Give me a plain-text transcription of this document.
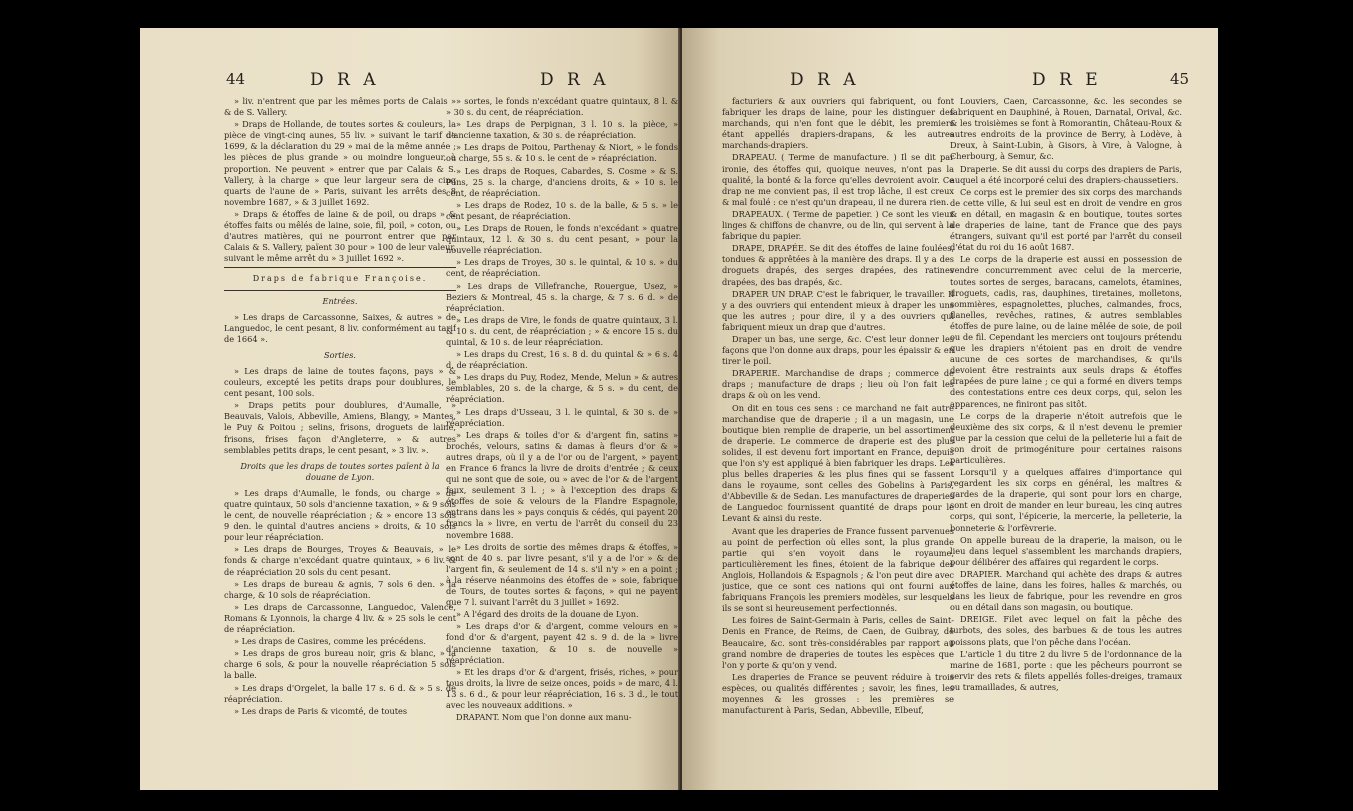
44	D R A	D R A

» liv. n'entrent que par les mêmes ports de Calais » & de S. Vallery.

» Draps de Hollande, de toutes sortes & couleurs, la pièce de vingt-cinq aunes, 55 liv. » suivant le tarif de 1699, & la déclaration du 29 » mai de la même année ; les pièces de plus grande » ou moindre longueur, à proportion. Ne peuvent » entrer que par Calais & S. Vallery, à la charge » que leur largeur sera de cinq quarts de l'aune de » Paris, suivant les arrêts des 8 novembre 1687, » & 3 juillet 1692.

» Draps & étoffes de laine & de poil, ou draps » & étoffes faits ou mêlés de laine, soie, fil, poil, » coton, ou d'autres matières, qui ne pourront entrer que par Calais & S. Vallery, païent 30 pour » 100 de leur valeur, suivant le même arrêt du » 3 juillet 1692 ».

Draps de fabrique Françoise.

Entrées.

» Les draps de Carcassonne, Saixes, & autres » de Languedoc, le cent pesant, 8 liv. conformément au tarif de 1664 ».

Sorties.

» Les draps de laine de toutes façons, pays » & couleurs, excepté les petits draps pour doublures, le cent pesant, 100 sols.

» Draps petits pour doublures, d'Aumalle, » Beauvais, Valois, Abbeville, Amiens, Blangy, » Mantes, le Puy & Poitou ; selins, frisons, droguets de laine, frisons, frises façon d'Angleterre, » & autres semblables petits draps, le cent pesant, » 3 liv. ».

Droits que les draps de toutes sortes païent à la douane de Lyon.

» Les draps d'Aumalle, le fonds, ou charge » de quatre quintaux, 50 sols d'ancienne taxation, » & 9 sols le cent, de nouvelle réapréciation ; & » encore 13 sols 9 den. le quintal d'autres anciens » droits, & 10 sols pour leur réapréciation.

» Les draps de Bourges, Troyes & Beauvais, » le fonds & charge n'excédant quatre quintaux, » 6 liv. & de réapréciation 20 sols du cent pesant.

» Les draps de bureau & agnis, 7 sols 6 den. » la charge, & 10 sols de réapréciation.

» Les draps de Carcassonne, Languedoc, Valence, Romans & Lyonnois, la charge 4 liv. & » 25 sols le cent de réapréciation.

» Les draps de Casires, comme les précédens.

» Les draps de gros bureau noir, gris & blanc, » la charge 6 sols, & pour la nouvelle réapréciation 5 sols la balle.

» Les draps d'Orgelet, la balle 17 s. 6 d. & » 5 s. de réapréciation.

» Les draps de Paris & vicomté, de toutes

» sortes, le fonds n'excédant quatre quintaux, 8 l. & » 30 s. du cent, de réapréciation.

» Les draps de Perpignan, 3 l. 10 s. la pièce, » d'ancienne taxation, & 30 s. de réapréciation.

» Les draps de Poitou, Parthenay & Niort, » le fonds ou charge, 55 s. & 10 s. le cent de » réapréciation.

» Les draps de Roques, Cabardes, S. Cosme » & S. Pons, 25 s. la charge, d'anciens droits, & » 10 s. le cent, de réapréciation.

» Les draps de Rodez, 10 s. de la balle, & 5 s. » le cent pesant, de réapréciation.

» Les Draps de Rouen, le fonds n'excédant » quatre quintaux, 12 l. & 30 s. du cent pesant, » pour la nouvelle réapréciation.

» Les draps de Troyes, 30 s. le quintal, & 10 s. » du cent, de réapréciation.

» Les draps de Villefranche, Rouergue, Usez, » Beziers & Montreal, 45 s. la charge, & 7 s. 6 d. » de réapréciation.

» Les draps de Vire, le fonds de quatre quintaux, 3 l. & 10 s. du cent, de réapréciation ; » & encore 15 s. du quintal, & 10 s. de leur réapréciation.

» Les draps du Crest, 16 s. 8 d. du quintal & » 6 s. 4 d. de réapréciation.

» Les draps du Puy, Rodez, Mende, Melun » & autres semblables, 20 s. de la charge, & 5 s. » du cent, de réapréciation.

» Les draps d'Usseau, 3 l. le quintal, & 30 s. de » réapréciation.

» Les draps & toiles d'or & d'argent fin, satins » brochés, velours, satins & damas à fleurs d'or & » autres draps, où il y a de l'or ou de l'argent, » payent en France 6 francs la livre de droits d'entrée ; & ceux qui ne sont que de soie, ou » avec de l'or & de l'argent faux, seulement 3 l. ; » à l'exception des draps & étoffes de soie & velours de la Flandre Espagnole, entrans dans les » pays conquis & cédés, qui payent 20 francs la » livre, en vertu de l'arrêt du conseil du 23 novembre 1688.

» Les droits de sortie des mêmes draps & étoffes, » sont de 40 s. par livre pesant, s'il y a de l'or » & de l'argent fin, & seulement de 14 s. s'il n'y » en a point ; à la réserve néanmoins des étoffes de » soie, fabrique de Tours, de toutes sortes & façons, » qui ne payent que 7 l. suivant l'arrêt du 3 juillet » 1692.

» A l'égard des droits de la douane de Lyon.

» Les draps d'or & d'argent, comme velours en » fond d'or & d'argent, payent 42 s. 9 d. de la » livre d'ancienne taxation, & 10 s. de nouvelle » réapréciation.

» Et les draps d'or & d'argent, frisés, riches, » pour tous droits, la livre de seize onces, poids » de marc, 4 l. 13 s. 6 d., & pour leur réapréciation, 16 s. 3 d., le tout avec les nouveaux additions. »

DRAPANT. Nom que l'on donne aux manu-

D R A	D R E	45

facturiers & aux ouvriers qui fabriquent, ou font fabriquer les draps de laine, pour les distinguer des marchands, qui n'en font que le débit, les premiers étant appellés drapiers-drapans, & les autres marchands-drapiers.

DRAPEAU. ( Terme de manufacture. ) Il se dit par ironie, des étoffes qui, quoique neuves, n'ont pas la qualité, la bonté & la force qu'elles devroient avoir. Ce drap ne me convient pas, il est trop lâche, il est creux & mal foulé : ce n'est qu'un drapeau, il ne durera rien.

DRAPEAUX. ( Terme de papetier. ) Ce sont les vieux linges & chiffons de chanvre, ou de lin, qui servent à la fabrique du papier.

DRAPE, DRAPÉE. Se dit des étoffes de laine foulées, tondues & apprêtées à la manière des draps. Il y a des droguets drapés, des serges drapées, des ratines drapées, des bas drapés, &c.

DRAPER UN DRAP. C'est le fabriquer, le travailler. Il y a des ouvriers qui entendent mieux à draper les uns que les autres ; pour dire, il y a des ouvriers qui fabriquent mieux un drap que d'autres.

Draper un bas, une serge, &c. C'est leur donner les façons que l'on donne aux draps, pour les épaissir & en tirer le poil.

DRAPERIE. Marchandise de draps ; commerce de draps ; manufacture de draps ; lieu où l'on fait les draps & où on les vend.

On dit en tous ces sens : ce marchand ne fait autre marchandise que de draperie ; il a un magasin, une boutique bien remplie de draperie, un bel assortiment de draperie. Le commerce de draperie est des plus solides, il est devenu fort important en France, depuis que l'on s'y est appliqué à bien fabriquer les draps. Les plus belles draperies & les plus fines qui se fassent dans le royaume, sont celles des Gobelins à Paris, d'Abbeville & de Sedan. Les manufactures de draperies de Languedoc fournissent quantité de draps pour le Levant & ainsi du reste.

Avant que les draperies de France fussent parvenues au point de perfection où elles sont, la plus grande partie qui s'en voyoit dans le royaume, particulièrement les fines, étoient de la fabrique des Anglois, Hollandois & Espagnols ; & l'on peut dire avec justice, que ce sont ces nations qui ont fourni aux fabriquans François les premiers modèles, sur lesquels ils se sont si heureusement perfectionnés.

Les foires de Saint-Germain à Paris, celles de Saint-Denis en France, de Reims, de Caen, de Guibray, de Beaucaire, &c. sont très-considérables par rapport au grand nombre de draperies de toutes les espèces que l'on y porte & qu'on y vend.

Les draperies de France se peuvent réduire à trois espèces, ou qualités différentes ; savoir, les fines, les moyennes & les grosses : les premières se manufacturent à Paris, Sedan, Abbeville, Elbeuf,

Louviers, Caen, Carcassonne, &c. les secondes se fabriquent en Dauphiné, à Rouen, Darnatal, Orival, &c. & les troisièmes se font à Romorantin, Château-Roux & autres endroits de la province de Berry, à Lodève, à Dreux, à Saint-Lubin, à Gisors, à Vire, à Valogne, à Cherbourg, à Semur, &c.

Draperie. Se dit aussi du corps des drapiers de Paris, auquel a été incorporé celui des drapiers-chaussetiers.

Ce corps est le premier des six corps des marchands de cette ville, & lui seul est en droit de vendre en gros & en détail, en magasin & en boutique, toutes sortes de draperies de laine, tant de France que des pays étrangers, suivant qu'il est porté par l'arrêt du conseil d'état du roi du 16 août 1687.

Le corps de la draperie est aussi en possession de vendre concurremment avec celui de la mercerie, toutes sortes de serges, baracans, camelots, étamines, droguets, cadis, ras, dauphines, tiretaines, molletons, sommières, espagnolettes, pluches, calmandes, frocs, flanelles, revêches, ratines, & autres semblables étoffes de pure laine, ou de laine mêlée de soie, de poil ou de fil. Cependant les merciers ont toujours prétendu que les drapiers n'étoient pas en droit de vendre aucune de ces sortes de marchandises, & qu'ils devoient être restraints aux seuls draps & étoffes drapées de pure laine ; ce qui a formé en divers temps des contestations entre ces deux corps, qui, selon les apparences, ne finiront pas sitôt.

Le corps de la draperie n'étoit autrefois que le deuxième des six corps, & il n'est devenu le premier que par la cession que celui de la pelleterie lui a fait de son droit de primogéniture pour certaines raisons particulières.

Lorsqu'il y a quelques affaires d'importance qui regardent les six corps en général, les maîtres & gardes de la draperie, qui sont pour lors en charge, sont en droit de mander en leur bureau, les cinq autres corps, qui sont, l'épicerie, la mercerie, la pelleterie, la bonneterie & l'orfèvrerie.

On appelle bureau de la draperie, la maison, ou le lieu dans lequel s'assemblent les marchands drapiers, pour délibérer des affaires qui regardent le corps.

DRAPIER. Marchand qui achète des draps & autres étoffes de laine, dans les foires, halles & marchés, ou dans les lieux de fabrique, pour les revendre en gros ou en détail dans son magasin, ou boutique.

DREIGE. Filet avec lequel on fait la pêche des turbots, des soles, des barbues & de tous les autres poissons plats, que l'on pêche dans l'océan.

L'article 1 du titre 2 du livre 5 de l'ordonnance de la marine de 1681, porte : que les pêcheurs pourront se servir des rets & filets appellés folles-dreiges, tramaux ou tramaillades, & autres,
